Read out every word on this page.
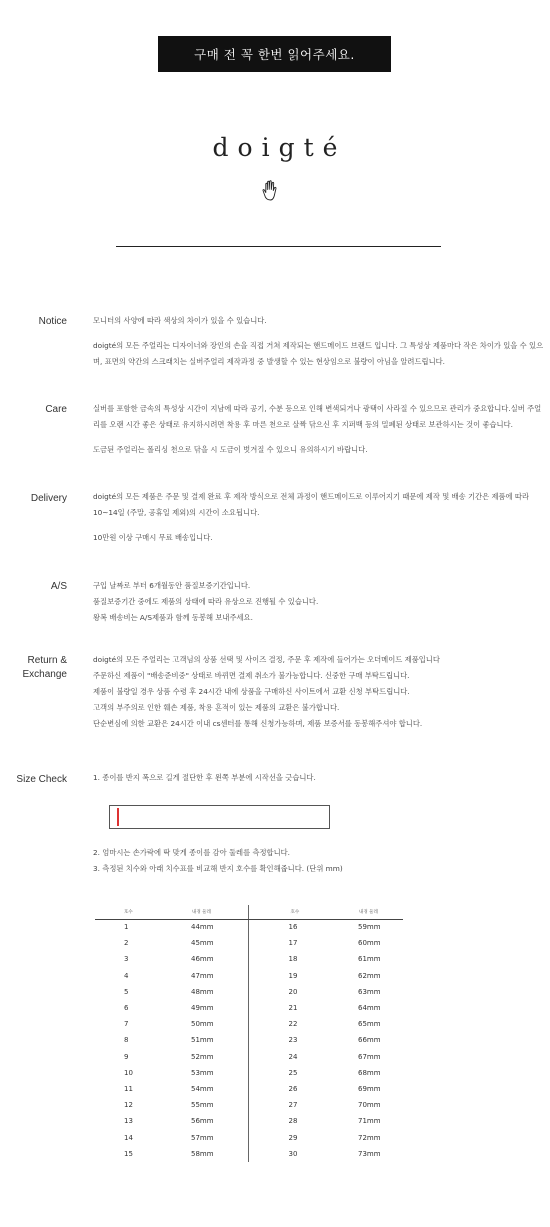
구매 전 꼭 한번 읽어주세요.
doigté
Notice	모니터의 사양에 따라 색상의 차이가 있을 수 있습니다.

doigté의 모든 주얼리는 디자이너와 장인의 손을 직접 거쳐 제작되는 핸드메이드 브랜드 입니다. 그 특성상 제품마다 작은 차이가 있을 수 있으며, 표면의 약간의 스크래치는 실버주얼리 제작과정 중 발생할 수 있는 현상임으로 불량이 아님을 알려드립니다.

Care	실버를 포함한 금속의 특성상 시간이 지남에 따라 공기, 수분 등으로 인해 변색되거나 광택이 사라질 수 있으므로 관리가 중요합니다.실버 주얼리를 오랜 시간 좋은 상태로 유지하시려면 착용 후 마른 천으로 살짝 닦으신 후 지퍼백 등의 밀폐된 상태로 보관하시는 것이 좋습니다.

도금된 주얼리는 폴리싱 천으로 닦을 시 도금이 벗겨질 수 있으니 유의하시기 바랍니다.

Delivery	doigté의 모든 제품은 주문 및 결제 완료 후 제작 방식으로 전체 과정이 핸드메이드로 이루어지기 때문에 제작 및 배송 기간은 제품에 따라 10~14일 (주말, 공휴일 제외)의 시간이 소요됩니다.

10만원 이상 구매시 무료 배송입니다.

A/S	구입 날짜로 부터 6개월동안 품질보증기간입니다.

품질보증기간 중에도 제품의 상태에 따라 유상으로 진행될 수 있습니다.

왕복 배송비는 A/S제품과 함께 동봉해 보내주세요.

Return &
Exchange

doigté의 모든 주얼리는 고객님의 상품 선택 및 사이즈 결정, 주문 후 제작에 들어가는 오더메이드 제품입니다

주문하신 제품이 "배송준비중" 상태로 바뀌면 결제 취소가 불가능합니다. 신중한 구매 부탁드립니다.

제품이 불량일 경우 상품 수령 후 24시간 내에 상품을 구매하신 사이트에서 교환 신청 부탁드립니다.

고객의 부주의로 인한 훼손 제품, 착용 흔적이 있는 제품의 교환은 불가합니다.

단순변심에 의한 교환은 24시간 이내 cs센터를 통해 신청가능하며, 제품 보증서를 동봉해주셔야 합니다.

Size Check	1. 종이를 반지 폭으로 길게 절단한 후 왼쪽 부분에 시작선을 긋습니다.

2. 엄마시는 손가락에 딱 맞게 종이를 감아 둘레를 측정합니다.

3. 측정된 치수와 아래 치수표를 비교해 반지 호수를 확인해줍니다. (단위 mm)

호수	내경 둘레	호수	내경 둘레
1	44mm	16	59mm
2	45mm	17	60mm
3	46mm	18	61mm
4	47mm	19	62mm
5	48mm	20	63mm
6	49mm	21	64mm
7	50mm	22	65mm
8	51mm	23	66mm
9	52mm	24	67mm
10	53mm	25	68mm
11	54mm	26	69mm
12	55mm	27	70mm
13	56mm	28	71mm
14	57mm	29	72mm
15	58mm	30	73mm
